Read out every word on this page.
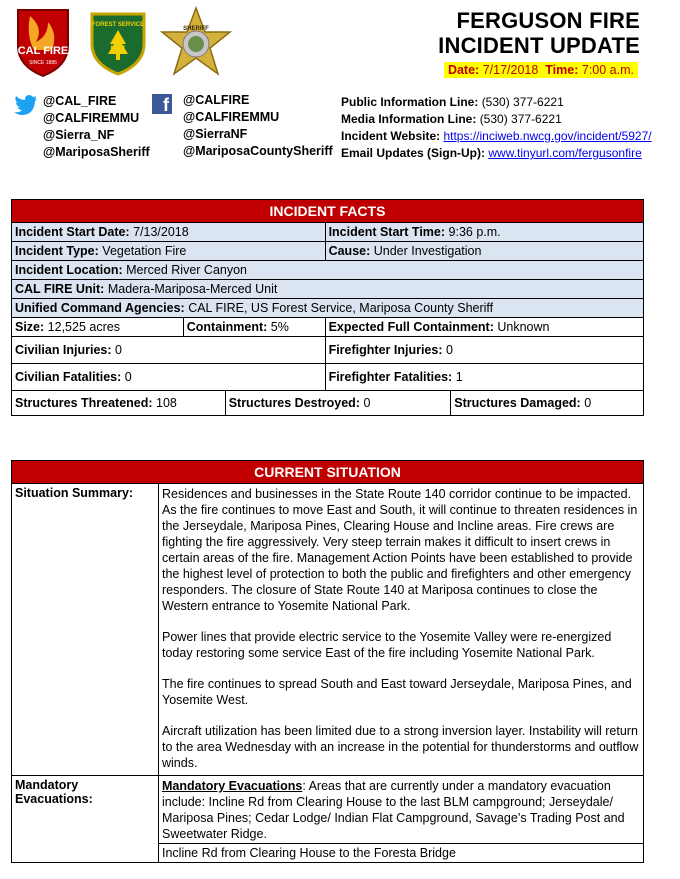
CAL FIRE
SINCE 1885
FOREST SERVICE
U S
SHERIFF	FERGUSON FIRE
INCIDENT UPDATE
Date: 7/17/2018 Time: 7:00 a.m.
@CAL_FIRE
@CALFIREMMU
@Sierra_NF
@MariposaSheriff
f @CALFIRE
@CALFIREMMU
@SierraNF
@MariposaCountySheriff
Public Information Line: (530) 377-6221
Media Information Line: (530) 377-6221
Incident Website: https://inciweb.nwcg.gov/incident/5927/
Email Updates (Sign-Up): www.tinyurl.com/fergusonfire
INCIDENT FACTS				
Incident Start Date: 7/13/2018			Incident Start Time: 9:36 p.m.	
Incident Type: Vegetation Fire			Cause: Under Investigation	
Incident Location: Merced River Canyon				
CAL FIRE Unit: Madera-Mariposa-Merced Unit				
Unified Command Agencies: CAL FIRE, US Forest Service, Mariposa County Sheriff				
Size: 12,525 acres	Containment: 5%		Expected Full Containment: Unknown	
Civilian Injuries: 0			Firefighter Injuries: 0	
Civilian Fatalities: 0			Firefighter Fatalities: 1	
Structures Threatened: 108		Structures Destroyed: 0		Structures Damaged: 0
CURRENT SITUATION	
Situation Summary:	Residences and businesses in the State Route 140 corridor continue to be impacted. As the fire continues to move East and South, it will continue to threaten residences in the Jerseydale, Mariposa Pines, Clearing House and Incline areas. Fire crews are fighting the fire aggressively. Very steep terrain makes it difficult to insert crews in certain areas of the fire. Management Action Points have been established to provide the highest level of protection to both the public and firefighters and other emergency responders. The closure of State Route 140 at Mariposa continues to close the Western entrance to Yosemite National Park.

Power lines that provide electric service to the Yosemite Valley were re-energized today restoring some service East of the fire including Yosemite National Park.

The fire continues to spread South and East toward Jerseydale, Mariposa Pines, and Yosemite West.

Aircraft utilization has been limited due to a strong inversion layer. Instability will return to the area Wednesday with an increase in the potential for thunderstorms and outflow winds.

Mandatory Evacuations:	Mandatory Evacuations: Areas that are currently under a mandatory evacuation include: Incline Rd from Clearing House to the last BLM campground; Jerseydale/ Mariposa Pines; Cedar Lodge/ Indian Flat Campground, Savage’s Trading Post and Sweetwater Ridge.
Incline Rd from Clearing House to the Foresta Bridge
